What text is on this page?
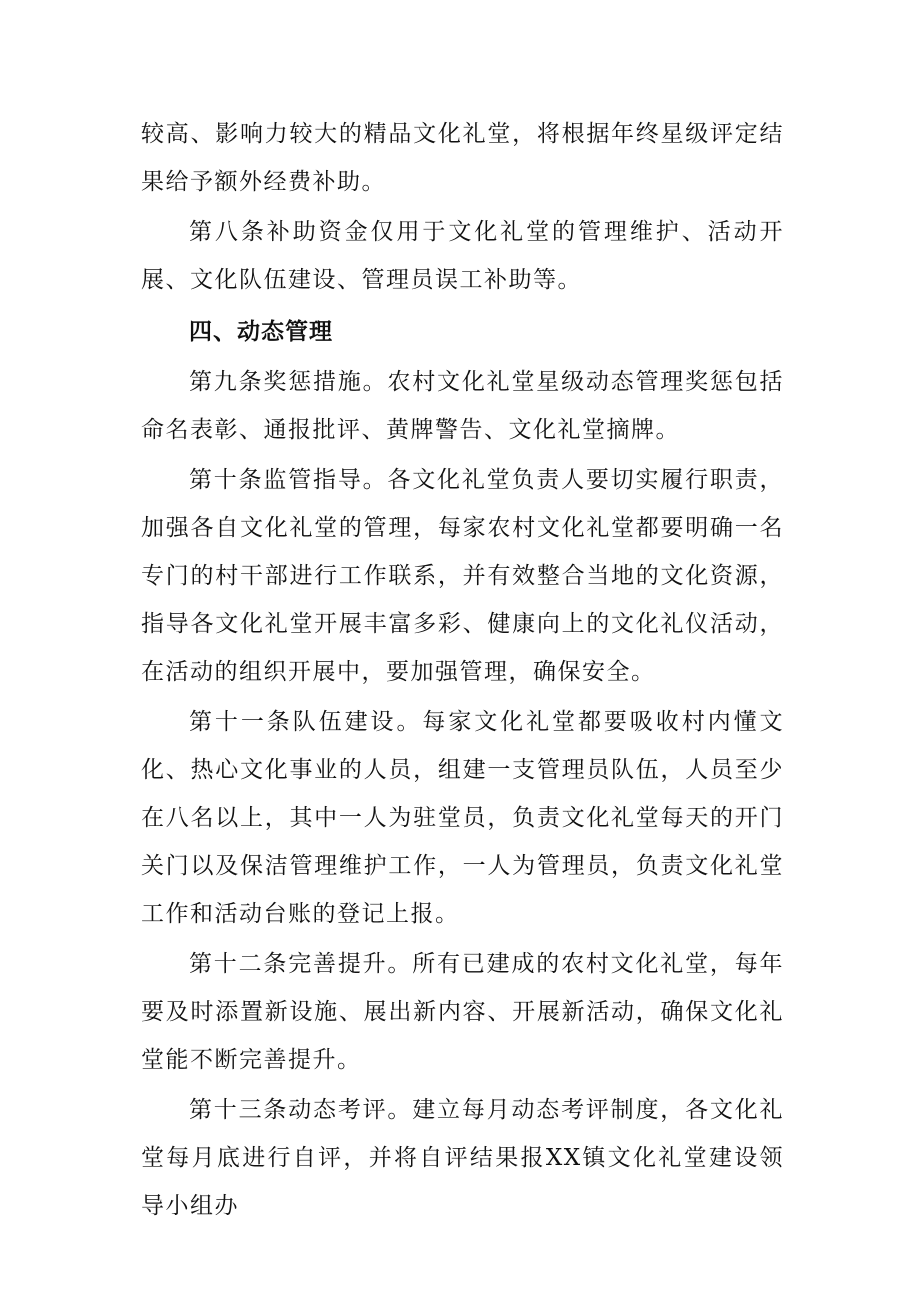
较高、影响力较大的精品文化礼堂，将根据年终星级评定结果给予额外经费补助。

第八条补助资金仅用于文化礼堂的管理维护、活动开展、文化队伍建设、管理员误工补助等。

四、动态管理

第九条奖惩措施。农村文化礼堂星级动态管理奖惩包括命名表彰、通报批评、黄牌警告、文化礼堂摘牌。

第十条监管指导。各文化礼堂负责人要切实履行职责，加强各自文化礼堂的管理，每家农村文化礼堂都要明确一名专门的村干部进行工作联系，并有效整合当地的文化资源，指导各文化礼堂开展丰富多彩、健康向上的文化礼仪活动，在活动的组织开展中，要加强管理，确保安全。

第十一条队伍建设。每家文化礼堂都要吸收村内懂文化、热心文化事业的人员，组建一支管理员队伍，人员至少在八名以上，其中一人为驻堂员，负责文化礼堂每天的开门关门以及保洁管理维护工作，一人为管理员，负责文化礼堂工作和活动台账的登记上报。

第十二条完善提升。所有已建成的农村文化礼堂，每年要及时添置新设施、展出新内容、开展新活动，确保文化礼堂能不断完善提升。

第十三条动态考评。建立每月动态考评制度，各文化礼堂每月底进行自评，并将自评结果报XX镇文化礼堂建设领导小组办
